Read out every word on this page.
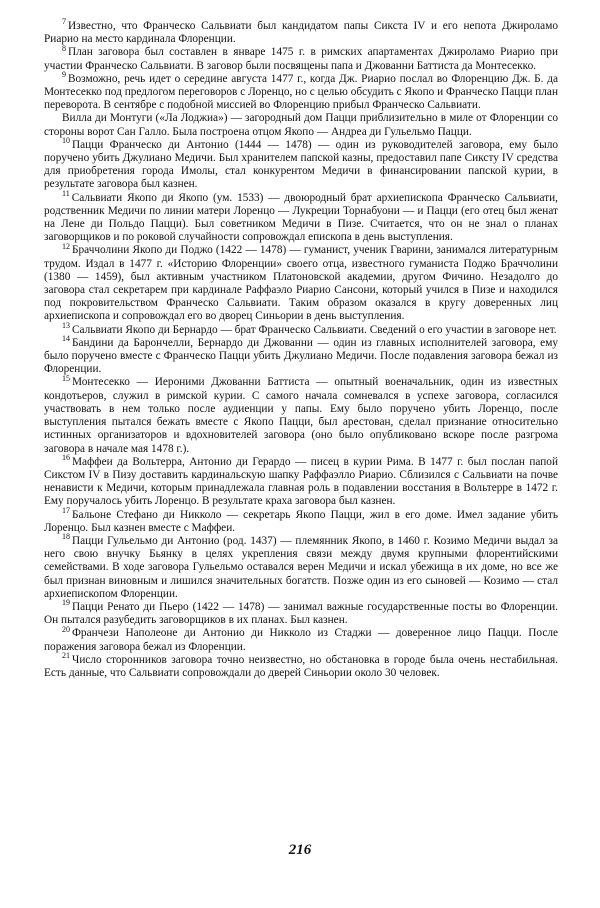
$^7$ Известно, что Франческо Сальвиати был кандидатом папы Сикста IV и его непота Джироламо Риарио на место кардинала Флоренции.

$^8$ План заговора был составлен в январе 1475 г. в римских апартаментах Джироламо Риарио при участии Франческо Сальвиати. В заговор были посвящены папа и Джованни Баттиста да Монтесекко.

$^9$ Возможно, речь идет о середине августа 1477 г., когда Дж. Риарио послал во Флоренцию Дж. Б. да Монтесекко под предлогом переговоров с Лоренцо, но с целью обсудить с Якопо и Франческо Пацци план переворота. В сентябре с подобной миссией во Флоренцию прибыл Франческо Сальвиати.

Вилла ди Монтуги («Ла Лоджиа») — загородный дом Пацци приблизительно в миле от Флоренции со стороны ворот Сан Галло. Была построена отцом Якопо — Андреа ди Гульельмо Пацци.

$^{10}$ Пацци Франческо ди Антонио (1444 — 1478) — один из руководителей заговора, ему было поручено убить Джулиано Медичи. Был хранителем папской казны, предоставил папе Сиксту IV средства для приобретения города Имолы, стал конкурентом Медичи в финансировании папской курии, в результате заговора был казнен.

$^{11}$ Сальвиати Якопо ди Якопо (ум. 1533) — двоюродный брат архиепископа Франческо Сальвиати, родственник Медичи по линии матери Лоренцо — Лукреции Торнабуони — и Пацци (его отец был женат на Лене ди Польдо Пацци). Был советником Медичи в Пизе. Считается, что он не знал о планах заговорщиков и по роковой случайности сопровождал епископа в день выступления.

$^{12}$ Браччолини Якопо ди Поджо (1422 — 1478) — гуманист, ученик Гварини, занимался литературным трудом. Издал в 1477 г. «Историю Флоренции» своего отца, известного гуманиста Поджо Браччолини (1380 — 1459), был активным участником Платоновской академии, другом Фичино. Незадолго до заговора стал секретарем при кардинале Раффаэло Риарио Сансони, который учился в Пизе и находился под покровительством Франческо Сальвиати. Таким образом оказался в кругу доверенных лиц архиепископа и сопровождал его во дворец Синьории в день выступления.

$^{13}$ Сальвиати Якопо ди Бернардо — брат Франческо Сальвиати. Сведений о его участии в заговоре нет.

$^{14}$ Бандини да Барончелли, Бернардо ди Джованни — один из главных исполнителей заговора, ему было поручено вместе с Франческо Пацци убить Джулиано Медичи. После подавления заговора бежал из Флоренции.

$^{15}$ Монтесекко — Иероними Джованни Баттиста — опытный военачальник, один из известных кондотьеров, служил в римской курии. С самого начала сомневался в успехе заговора, согласился участвовать в нем только после аудиенции у папы. Ему было поручено убить Лоренцо, после выступления пытался бежать вместе с Якопо Пацци, был арестован, сделал признание относительно истинных организаторов и вдохновителей заговора (оно было опубликовано вскоре после разгрома заговора в начале мая 1478 г.).

$^{16}$ Маффеи да Вольтерра, Антонио ди Герардо — писец в курии Рима. В 1477 г. был послан папой Сикстом IV в Пизу доставить кардинальскую шапку Раффаэлло Риарио. Сблизился с Сальвиати на почве ненависти к Медичи, которым принадлежала главная роль в подавлении восстания в Вольтерре в 1472 г. Ему поручалось убить Лоренцо. В результате краха заговора был казнен.

$^{17}$ Бальоне Стефано ди Никколо — секретарь Якопо Пацци, жил в его доме. Имел задание убить Лоренцо. Был казнен вместе с Маффеи.

$^{18}$ Пацци Гульельмо ди Антонио (род. 1437) — племянник Якопо, в 1460 г. Козимо Медичи выдал за него свою внучку Бьянку в целях укрепления связи между двумя крупными флорентийскими семействами. В ходе заговора Гульельмо оставался верен Медичи и искал убежища в их доме, но все же был признан виновным и лишился значительных богатств. Позже один из его сыновей — Козимо — стал архиепископом Флоренции.

$^{19}$ Пацци Ренато ди Пьеро (1422 — 1478) — занимал важные государственные посты во Флоренции. Он пытался разубедить заговорщиков в их планах. Был казнен.

$^{20}$ Франчези Наполеоне ди Антонио ди Никколо из Стаджи — доверенное лицо Пацци. После поражения заговора бежал из Флоренции.

$^{21}$ Число сторонников заговора точно неизвестно, но обстановка в городе была очень нестабильная. Есть данные, что Сальвиати сопровождали до дверей Синьории около 30 человек.

216
